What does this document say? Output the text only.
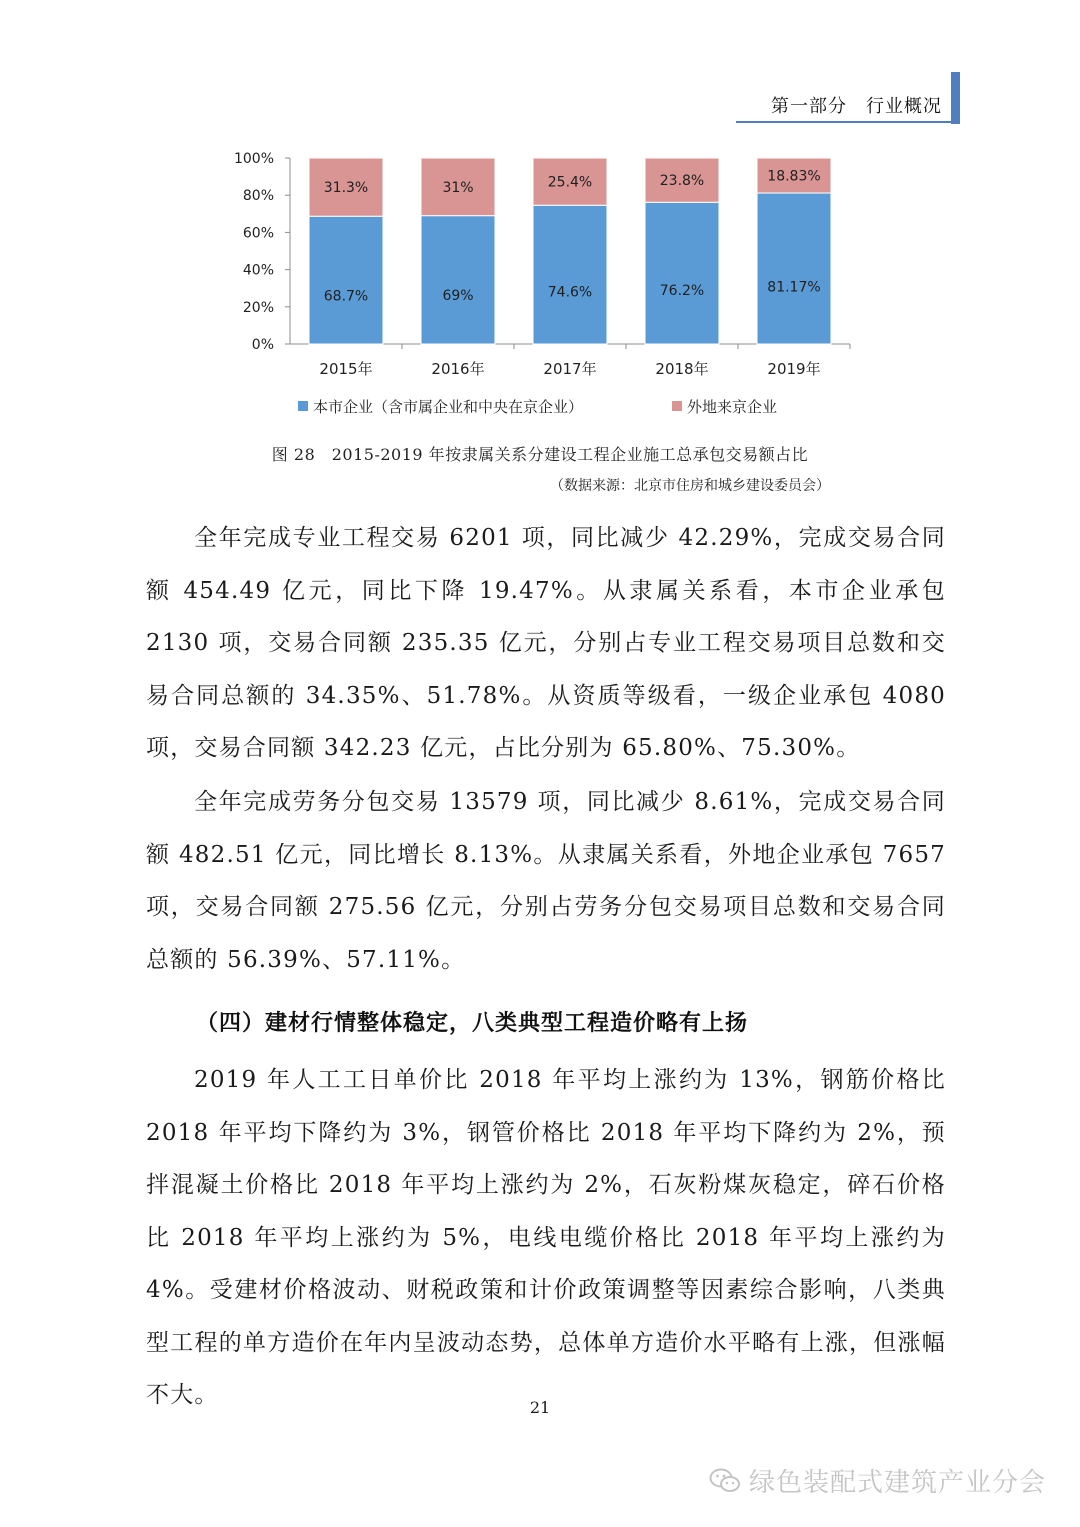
第一部分　行业概况
0%
20%
40%
60%
80%
100%
68.7%
31.3%
2015年
69%
31%
2016年
74.6%
25.4%
2017年
76.2%
23.8%
2018年
81.17%
18.83%
2019年
本市企业（含市属企业和中央在京企业）	外地来京企业
图 28　2015-2019 年按隶属关系分建设工程企业施工总承包交易额占比
（数据来源：北京市住房和城乡建设委员会）

全年完成专业工程交易 6201 项，同比减少 42.29%，完成交易合同额 454.49 亿元，同比下降 19.47%。从隶属关系看，本市企业承包 2130 项，交易合同额 235.35 亿元，分别占专业工程交易项目总数和交易合同总额的 34.35%、51.78%。从资质等级看，一级企业承包 4080 项，交易合同额 342.23 亿元，占比分别为 65.80%、75.30%。

全年完成劳务分包交易 13579 项，同比减少 8.61%，完成交易合同额 482.51 亿元，同比增长 8.13%。从隶属关系看，外地企业承包 7657 项，交易合同额 275.56 亿元，分别占劳务分包交易项目总数和交易合同总额的 56.39%、57.11%。

（四）建材行情整体稳定，八类典型工程造价略有上扬

2019 年人工工日单价比 2018 年平均上涨约为 13%，钢筋价格比 2018 年平均下降约为 3%，钢管价格比 2018 年平均下降约为 2%，预拌混凝土价格比 2018 年平均上涨约为 2%，石灰粉煤灰稳定，碎石价格比 2018 年平均上涨约为 5%，电线电缆价格比 2018 年平均上涨约为 4%。受建材价格波动、财税政策和计价政策调整等因素综合影响，八类典型工程的单方造价在年内呈波动态势，总体单方造价水平略有上涨，但涨幅不大。	21
绿色装配式建筑产业分会
